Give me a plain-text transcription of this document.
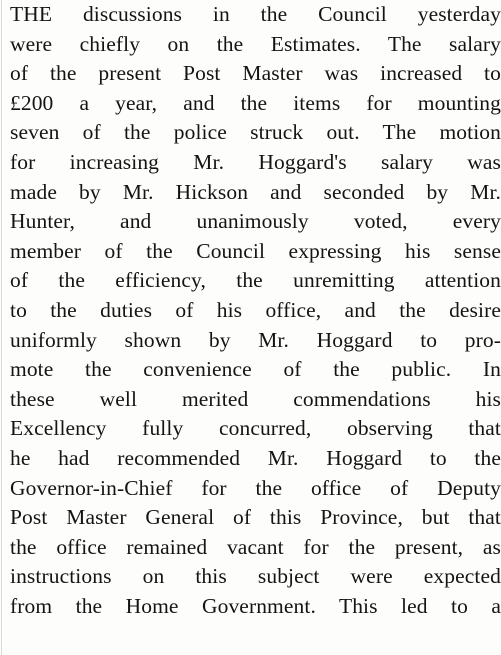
THE discussions in the Council yesterday
were chiefly on the Estimates. The salary
of the present Post Master was increased to
£200 a year, and the items for mounting
seven of the police struck out. The motion
for increasing Mr. Hoggard's salary was
made by Mr. Hickson and seconded by Mr.
Hunter, and unanimously voted, every
member of the Council expressing his sense
of the efficiency, the unremitting attention
to the duties of his office, and the desire
uniformly shown by Mr. Hoggard to pro-
mote the convenience of the public. In
these well merited commendations his
Excellency fully concurred, observing that
he had recommended Mr. Hoggard to the
Governor-in-Chief for the office of Deputy
Post Master General of this Province, but that
the office remained vacant for the present, as
instructions on this subject were expected
from the Home Government. This led to a
